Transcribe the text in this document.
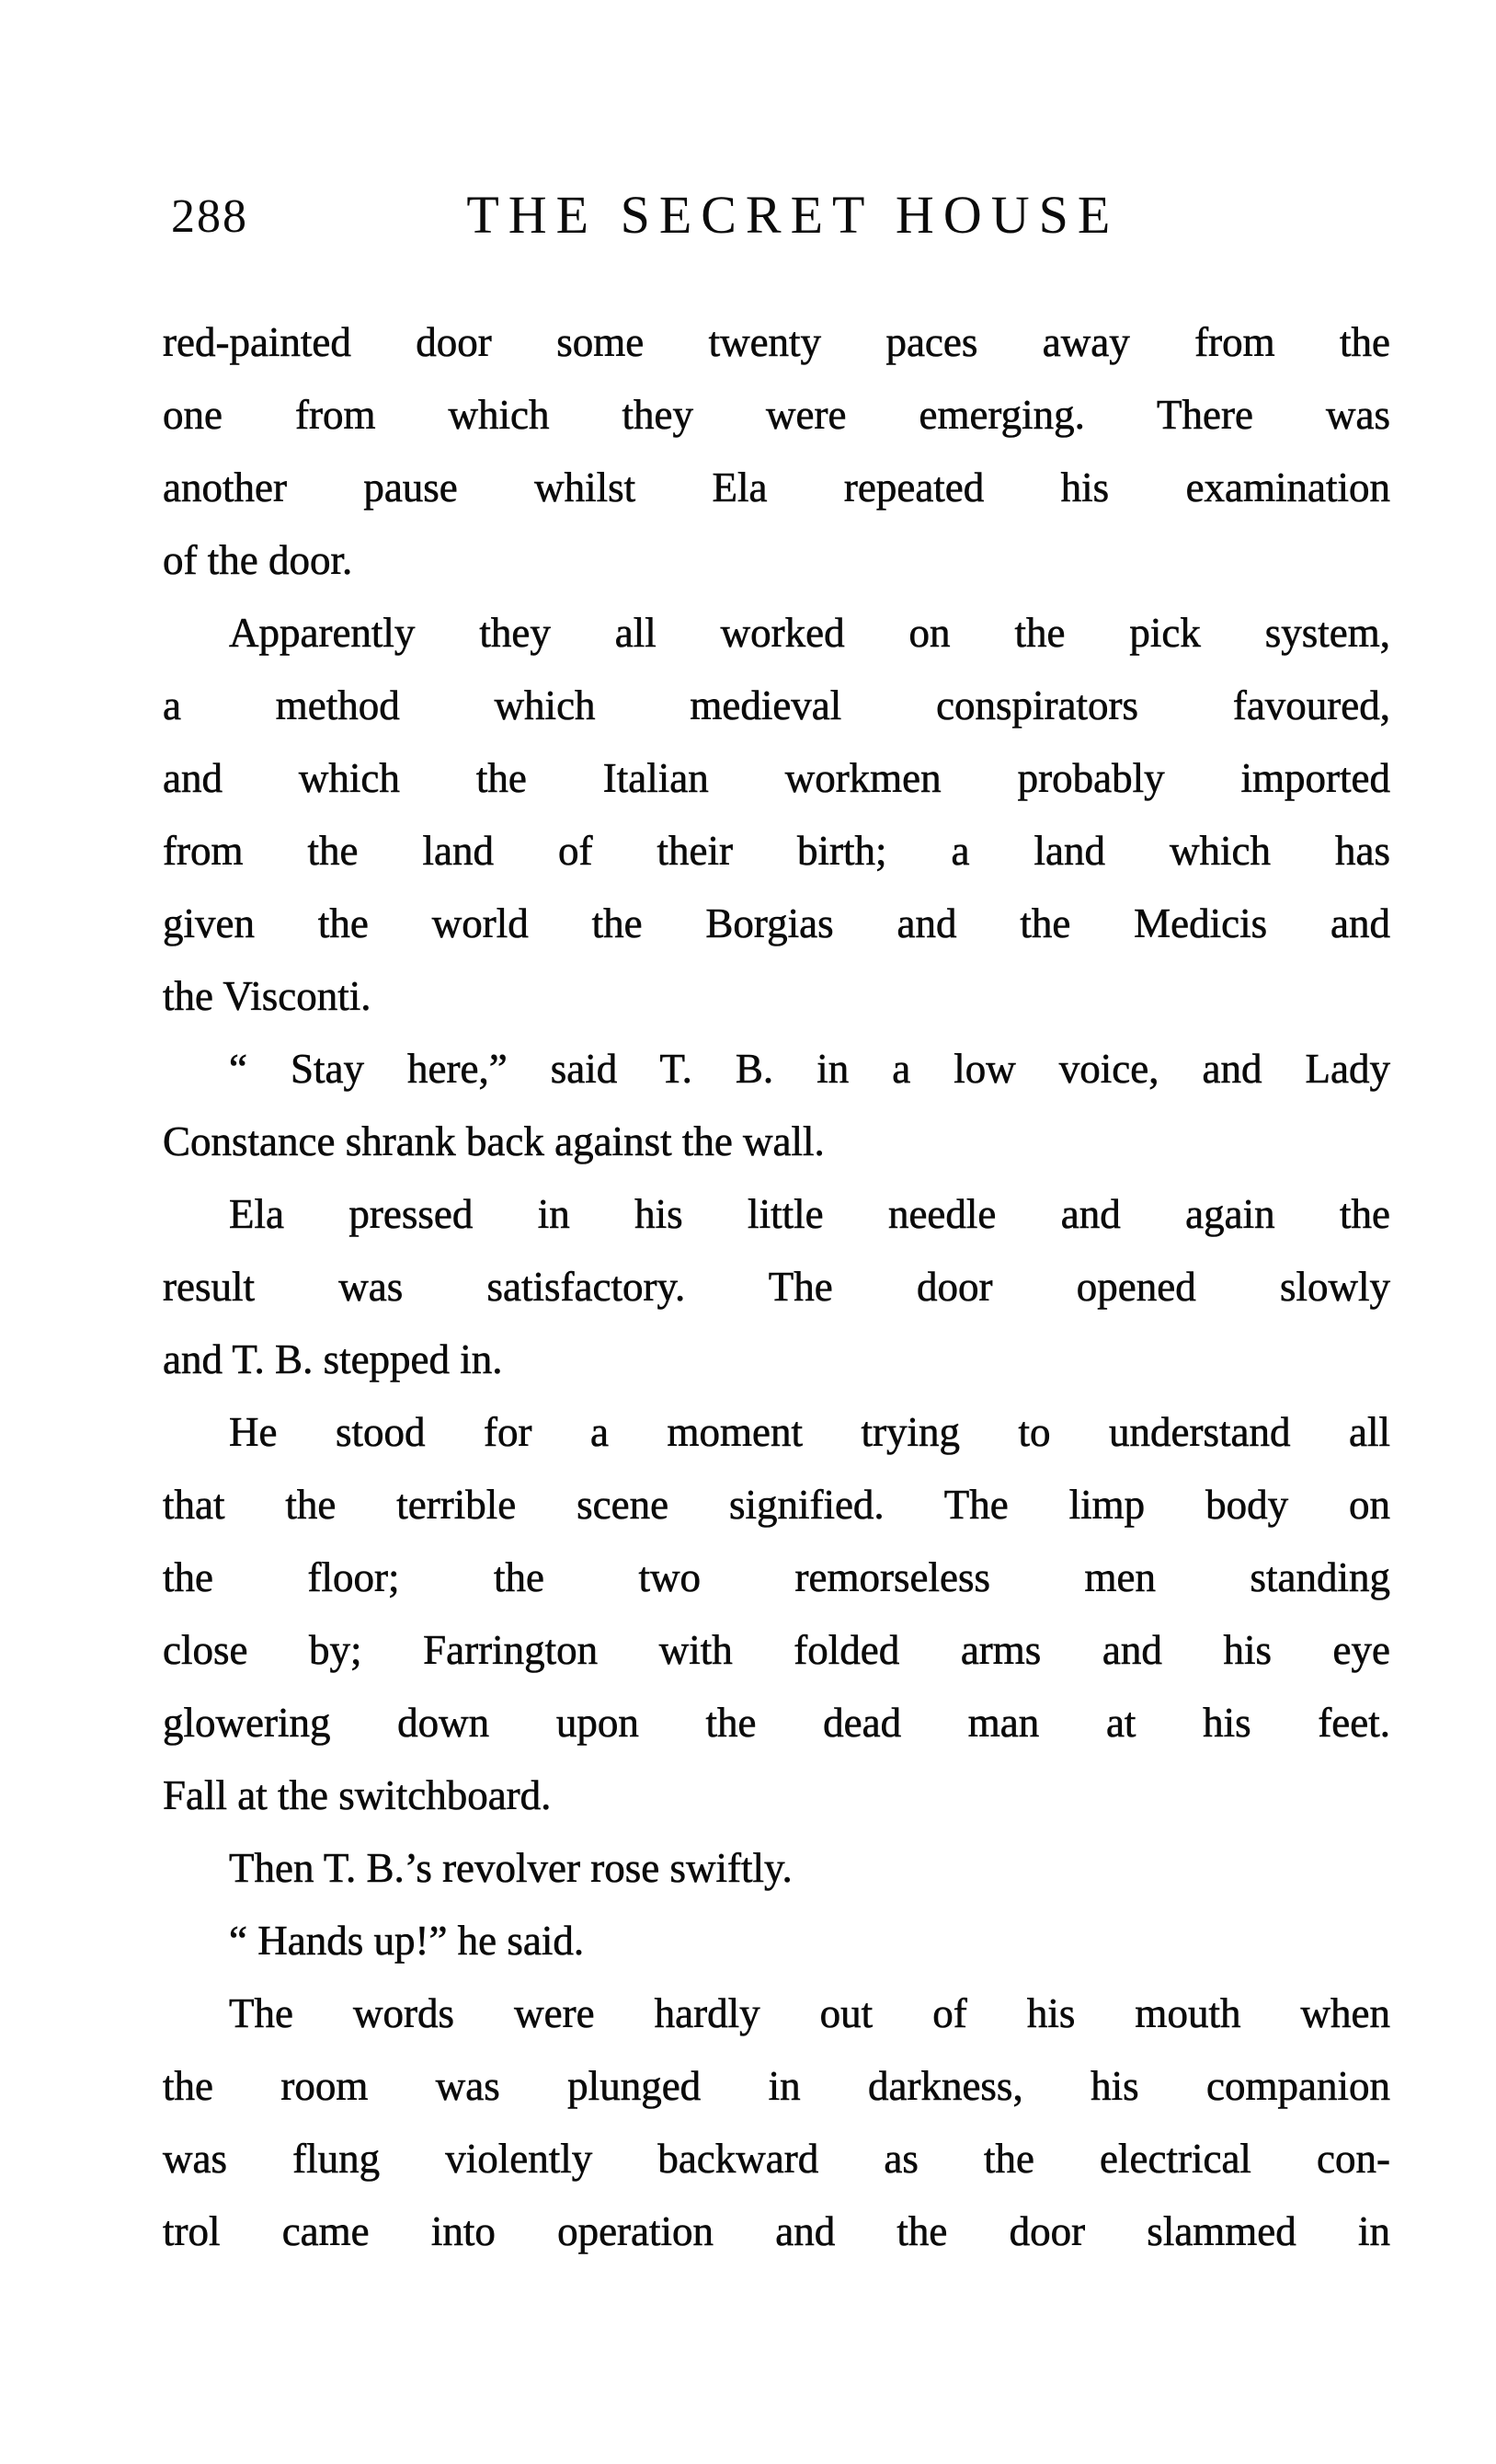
288	THE SECRET HOUSE
red-painted door some twenty paces away from the
one from which they were emerging. There was
another pause whilst Ela repeated his examination
of the door.
Apparently they all worked on the pick system,
a method which medieval conspirators favoured,
and which the Italian workmen probably imported
from the land of their birth; a land which has
given the world the Borgias and the Medicis and
the Visconti.
“ Stay here,” said T. B. in a low voice, and Lady
Constance shrank back against the wall.
Ela pressed in his little needle and again the
result was satisfactory. The door opened slowly
and T. B. stepped in.
He stood for a moment trying to understand all
that the terrible scene signified. The limp body on
the floor; the two remorseless men standing
close by; Farrington with folded arms and his eye
glowering down upon the dead man at his feet.
Fall at the switchboard.
Then T. B.’s revolver rose swiftly.
“ Hands up!” he said.
The words were hardly out of his mouth when
the room was plunged in darkness, his companion
was flung violently backward as the electrical con-
trol came into operation and the door slammed in
